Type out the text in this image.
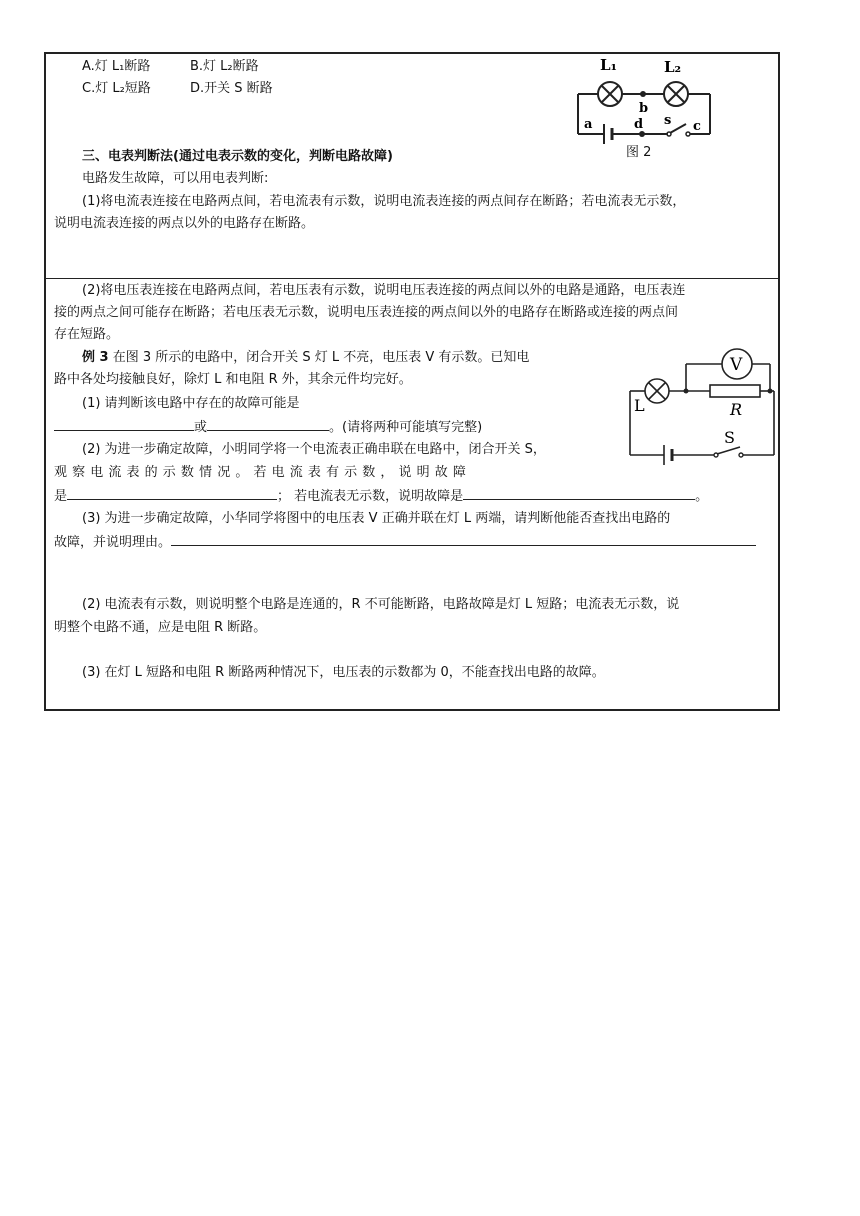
A.灯 L₁断路	B.灯 L₂断路
C.灯 L₂短路	D.开关 S 断路
L₁	L₂
b
a	d s c
图 2
三、电表判断法(通过电表示数的变化，判断电路故障)
电路发生故障，可以用电表判断:
(1)将电流表连接在电路两点间，若电流表有示数，说明电流表连接的两点间存在断路；若电流表无示数，
说明电流表连接的两点以外的电路存在断路。
(2)将电压表连接在电路两点间，若电压表有示数，说明电压表连接的两点间以外的电路是通路，电压表连
接的两点之间可能存在断路；若电压表无示数，说明电压表连接的两点间以外的电路存在断路或连接的两点间
存在短路。
例 3 在图 3 所示的电路中，闭合开关 S 灯 L 不亮，电压表 V 有示数。已知电
路中各处均接触良好，除灯 L 和电阻 R 外，其余元件均完好。
(1) 请判断该电路中存在的故障可能是
或	。(请将两种可能填写完整)
V
L	R
S
(2) 为进一步确定故障，小明同学将一个电流表正确串联在电路中，闭合开关 S，
观 察 电 流 表 的 示 数 情 况 。 若 电 流 表 有 示 数 ， 说 明 故 障
是	； 若电流表无示数，说明故障是	。
(3) 为进一步确定故障，小华同学将图中的电压表 V 正确并联在灯 L 两端，请判断他能否查找出电路的
故障，并说明理由。
(2) 电流表有示数，则说明整个电路是连通的，R 不可能断路，电路故障是灯 L 短路；电流表无示数，说
明整个电路不通，应是电阻 R 断路。
(3) 在灯 L 短路和电阻 R 断路两种情况下，电压表的示数都为 0，不能查找出电路的故障。
